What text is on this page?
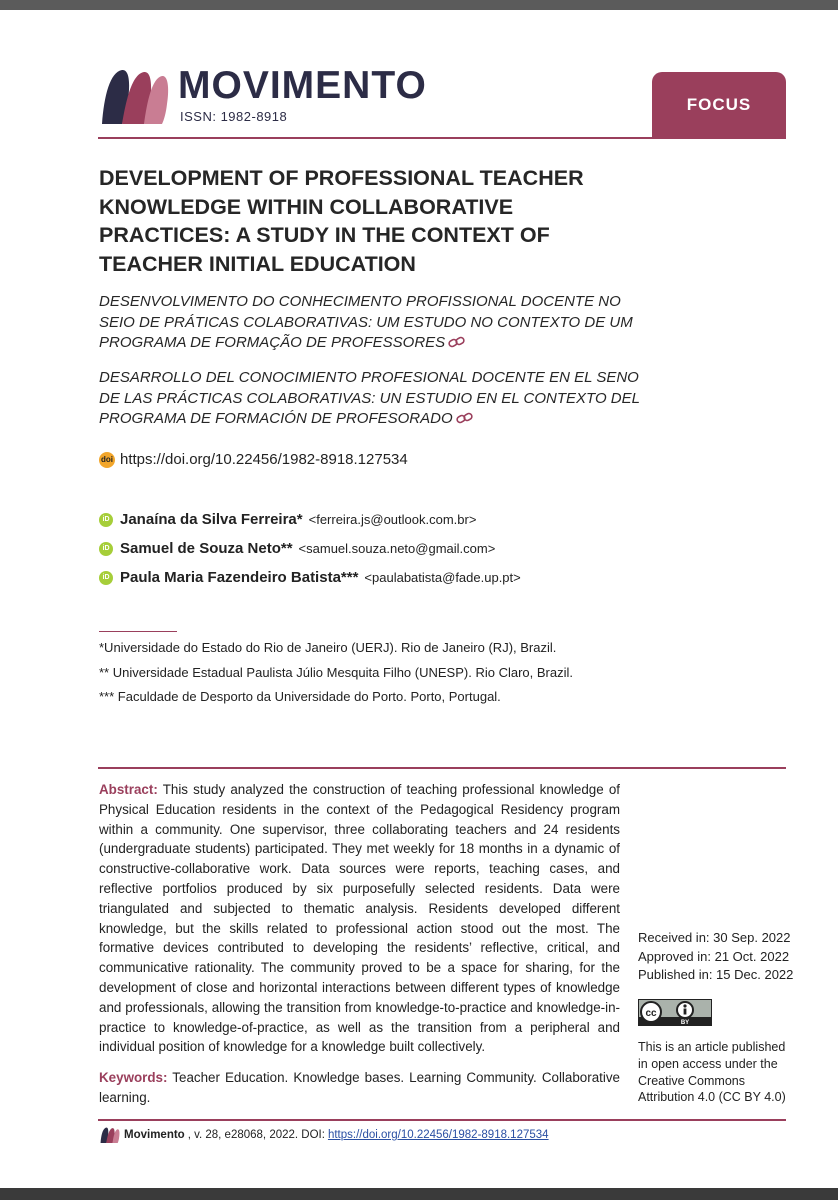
MOVIMENTO
ISSN: 1982-8918
FOCUS
DEVELOPMENT OF PROFESSIONAL TEACHER KNOWLEDGE WITHIN COLLABORATIVE PRACTICES: A STUDY IN THE CONTEXT OF TEACHER INITIAL EDUCATION

DESENVOLVIMENTO DO CONHECIMENTO PROFISSIONAL DOCENTE NO SEIO DE PRÁTICAS COLABORATIVAS: UM ESTUDO NO CONTEXTO DE UM PROGRAMA DE FORMAÇÃO DE PROFESSORES

DESARROLLO DEL CONOCIMIENTO PROFESIONAL DOCENTE EN EL SENO DE LAS PRÁCTICAS COLABORATIVAS: UN ESTUDIO EN EL CONTEXTO DEL PROGRAMA DE FORMACIÓN DE PROFESORADO

doi https://doi.org/10.22456/1982-8918.127534
iD Janaína da Silva Ferreira* <ferreira.js@outlook.com.br>
iD Samuel de Souza Neto** <samuel.souza.neto@gmail.com>
iD Paula Maria Fazendeiro Batista*** <paulabatista@fade.up.pt>
*Universidade do Estado do Rio de Janeiro (UERJ). Rio de Janeiro (RJ), Brazil.
** Universidade Estadual Paulista Júlio Mesquita Filho (UNESP). Rio Claro, Brazil.
*** Faculdade de Desporto da Universidade do Porto. Porto, Portugal.

Abstract: This study analyzed the construction of teaching professional knowledge of Physical Education residents in the context of the Pedagogical Residency program within a community. One supervisor, three collaborating teachers and 24 residents (undergraduate students) participated. They met weekly for 18 months in a dynamic of constructive-collaborative work. Data sources were reports, teaching cases, and reflective portfolios produced by six purposefully selected residents. Data were triangulated and subjected to thematic analysis. Residents developed different knowledge, but the skills related to professional action stood out the most. The formative devices contributed to developing the residents’ reflective, critical, and communicative rationality. The community proved to be a space for sharing, for the development of close and horizontal interactions between different types of knowledge and professionals, allowing the transition from knowledge-to-practice and knowledge-in-practice to knowledge-of-practice, as well as the transition from a peripheral and individual position of knowledge for a knowledge built collectively.

Keywords: Teacher Education. Knowledge bases. Learning Community. Collaborative learning.

Received in: 30 Sep. 2022
Approved in: 21 Oct. 2022
Published in: 15 Dec. 2022
cc
BY
This is an article published in open access under the Creative Commons Attribution 4.0 (CC BY 4.0)
Movimento , v. 28, e28068, 2022. DOI: https://doi.org/10.22456/1982-8918.127534
